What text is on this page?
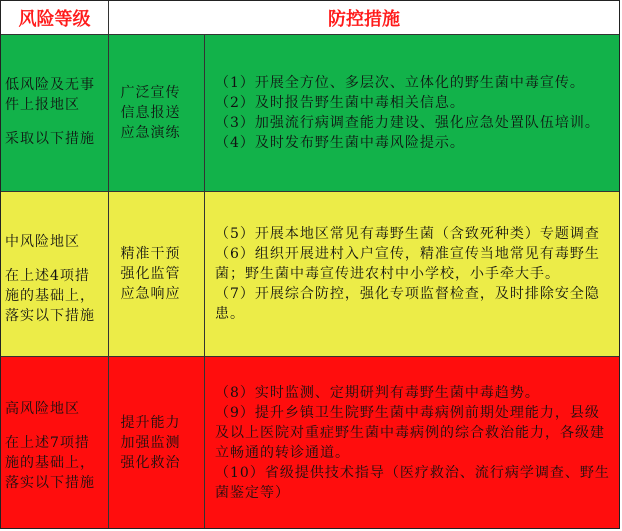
风险等级	防控措施
低风险及无事件上报地区
采取以下措施
广泛宣传信息报送应急演练
（1）开展全方位、多层次、立体化的野生菌中毒宣传。
（2）及时报告野生菌中毒相关信息。
（3）加强流行病调查能力建设、强化应急处置队伍培训。
（4）及时发布野生菌中毒风险提示。
中风险地区
在上述4项措施的基础上，落实以下措施
精准干预强化监管应急响应
（5）开展本地区常见有毒野生菌（含致死种类）专题调查
（6）组织开展进村入户宣传，精准宣传当地常见有毒野生菌；野生菌中毒宣传进农村中小学校，小手牵大手。
（7）开展综合防控，强化专项监督检查，及时排除安全隐患。
高风险地区
在上述7项措施的基础上，落实以下措施
提升能力加强监测强化救治
（8）实时监测、定期研判有毒野生菌中毒趋势。
（9）提升乡镇卫生院野生菌中毒病例前期处理能力，县级及以上医院对重症野生菌中毒病例的综合救治能力，各级建立畅通的转诊通道。
（10）省级提供技术指导（医疗救治、流行病学调查、野生菌鉴定等）
